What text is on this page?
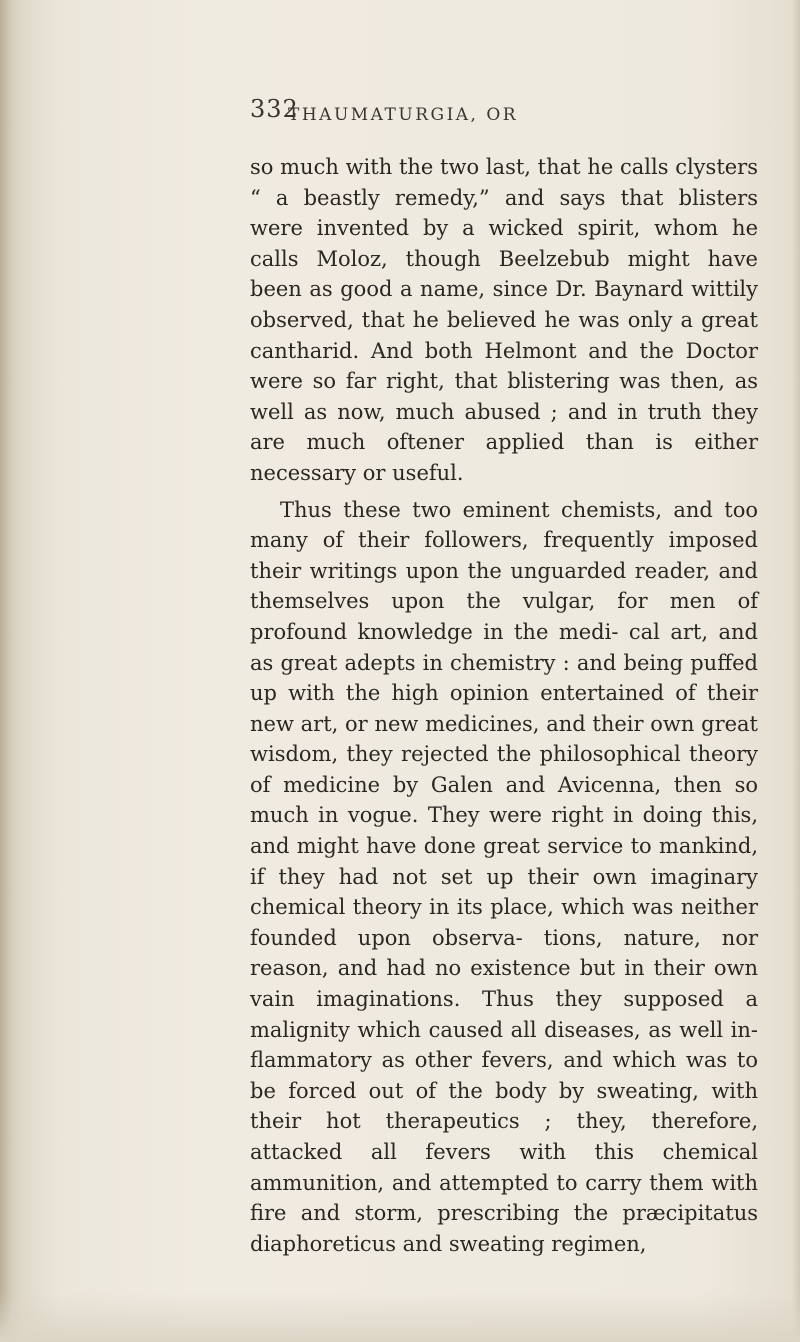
332
THAUMATURGIA, OR

so much with the two last, that he calls clysters “ a beastly remedy,” and says that blisters were invented by a wicked spirit, whom he calls Moloz, though Beelzebub might have been as good a name, since Dr. Baynard wittily observed, that he believed he was only a great cantharid. And both Helmont and the Doctor were so far right, that blistering was then, as well as now, much abused ; and in truth they are much oftener applied than is either necessary or useful.

Thus these two eminent chemists, and too many of their followers, frequently imposed their writings upon the unguarded reader, and themselves upon the vulgar, for men of profound knowledge in the medi- cal art, and as great adepts in chemistry : and being puffed up with the high opinion entertained of their new art, or new medicines, and their own great wisdom, they rejected the philosophical theory of medicine by Galen and Avicenna, then so much in vogue. They were right in doing this, and might have done great service to mankind, if they had not set up their own imaginary chemical theory in its place, which was neither founded upon observa- tions, nature, nor reason, and had no existence but in their own vain imaginations. Thus they supposed a malignity which caused all diseases, as well in- flammatory as other fevers, and which was to be forced out of the body by sweating, with their hot therapeutics ; they, therefore, attacked all fevers with this chemical ammunition, and attempted to carry them with fire and storm, prescribing the præcipitatus diaphoreticus and sweating regimen,
